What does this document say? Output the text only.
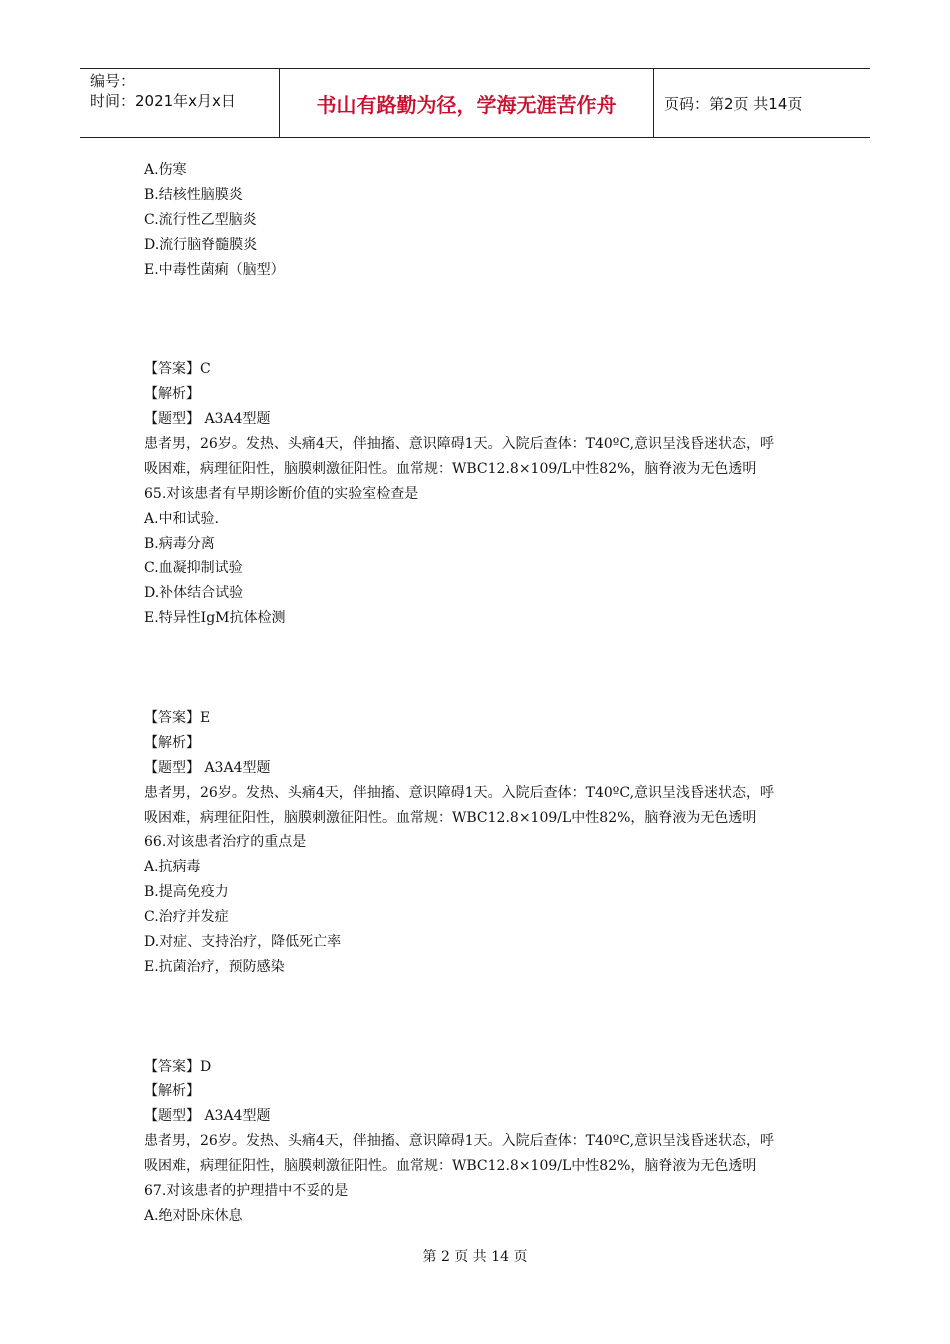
编号：
时间：2021年x月x日	书山有路勤为径，学海无涯苦作舟	页码：第2页 共14页
A.伤寒
B.结核性脑膜炎
C.流行性乙型脑炎
D.流行脑脊髓膜炎
E.中毒性菌痢（脑型）
【答案】C
【解析】
【题型】 A3A4型题
患者男，26岁。发热、头痛4天，伴抽搐、意识障碍1天。入院后查体：T40ºC,意识呈浅昏迷状态，呼
吸困难，病理征阳性，脑膜刺激征阳性。血常规：WBC12.8×109/L中性82%，脑脊液为无色透明
65.对该患者有早期诊断价值的实验室检查是
A.中和试验.
B.病毒分离
C.血凝抑制试验
D.补体结合试验
E.特异性IgM抗体检测
【答案】E
【解析】
【题型】 A3A4型题
患者男，26岁。发热、头痛4天，伴抽搐、意识障碍1天。入院后查体：T40ºC,意识呈浅昏迷状态，呼
吸困难，病理征阳性，脑膜刺激征阳性。血常规：WBC12.8×109/L中性82%，脑脊液为无色透明
66.对该患者治疗的重点是
A.抗病毒
B.提高免疫力
C.治疗并发症
D.对症、支持治疗，降低死亡率
E.抗菌治疗，预防感染
【答案】D
【解析】
【题型】 A3A4型题
患者男，26岁。发热、头痛4天，伴抽搐、意识障碍1天。入院后查体：T40ºC,意识呈浅昏迷状态，呼
吸困难，病理征阳性，脑膜刺激征阳性。血常规：WBC12.8×109/L中性82%，脑脊液为无色透明
67.对该患者的护理措中不妥的是
A.绝对卧床休息
第 2 页 共 14 页
